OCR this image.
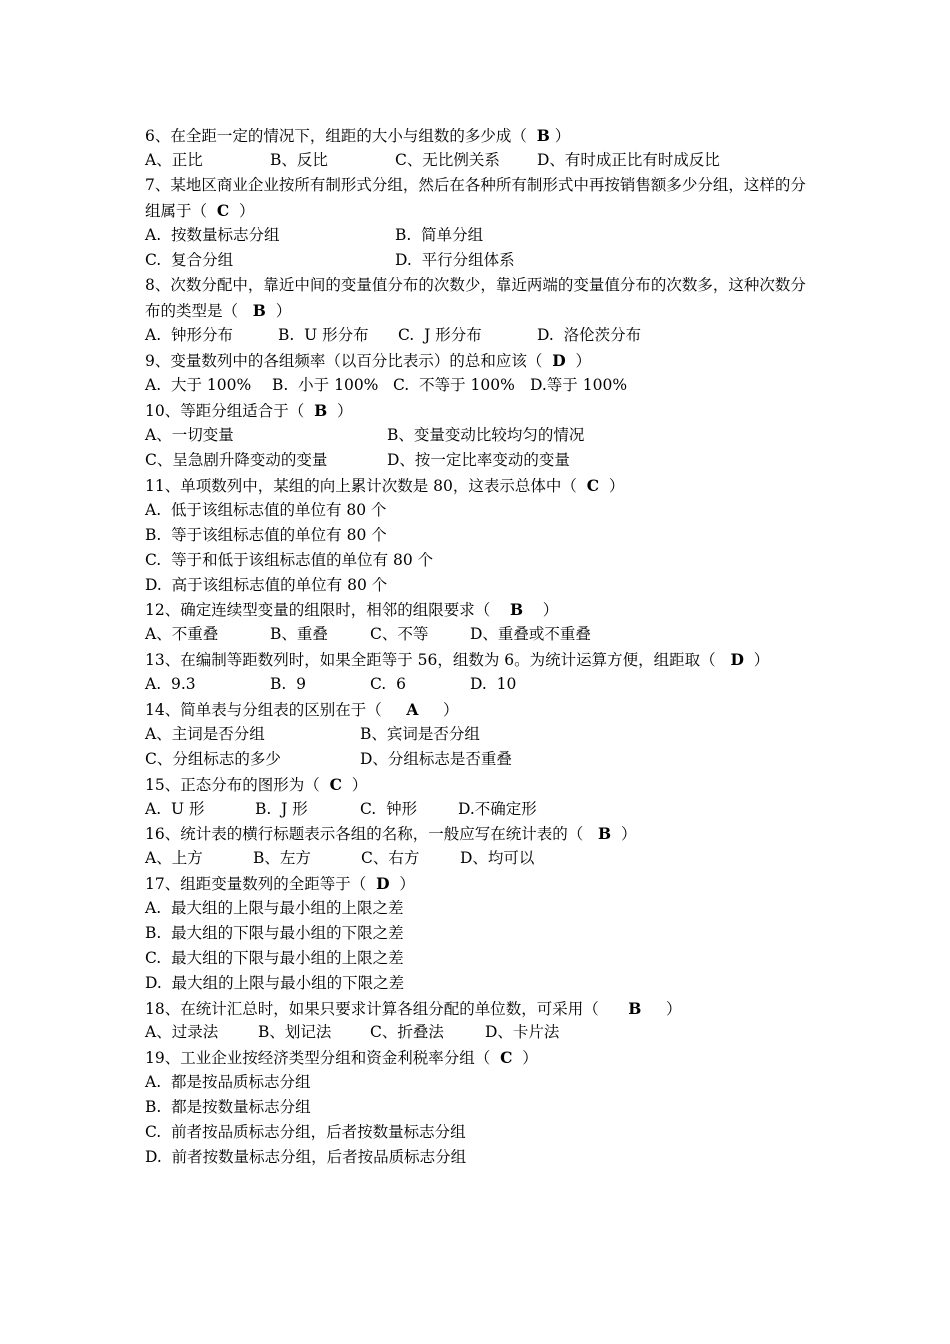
6、在全距一定的情况下，组距的大小与组数的多少成（  B ）
A、正比	B、反比	C、无比例关系 D、有时成正比有时成反比
7、某地区商业企业按所有制形式分组，然后在各种所有制形式中再按销售额多少分组，这样的分组属于（  C  ）
A.  按数量标志分组	B.  简单分组
C.  复合分组	D.  平行分组体系
8、次数分配中，靠近中间的变量值分布的次数少，靠近两端的变量值分布的次数多，这种次数分布的类型是（   B  ）
A.  钟形分布	B.  U 形分布 C.  J 形分布	D.  洛伦茨分布
9、变量数列中的各组频率（以百分比表示）的总和应该（  D  ）
A.  大于 100% B.  小于 100% C.  不等于 100% D.等于 100%
10、等距分组适合于（  B  ）
A、一切变量	B、变量变动比较均匀的情况
C、呈急剧升降变动的变量	D、按一定比率变动的变量
11、单项数列中，某组的向上累计次数是 80，这表示总体中（  C  ）
A.  低于该组标志值的单位有 80 个
B.  等于该组标志值的单位有 80 个
C.  等于和低于该组标志值的单位有 80 个
D.  高于该组标志值的单位有 80 个
12、确定连续型变量的组限时，相邻的组限要求（    B    ）
A、不重叠	B、重叠	C、不等	D、重叠或不重叠
13、在编制等距数列时，如果全距等于 56，组数为 6。为统计运算方便，组距取（   D  ）
A.  9.3	B.  9	C.  6	D.  10
14、简单表与分组表的区别在于（     A     ）
A、主词是否分组	B、宾词是否分组
C、分组标志的多少	D、分组标志是否重叠
15、正态分布的图形为（  C  ）
A.  U 形	B.  J 形	C.  钟形	D.不确定形
16、统计表的横行标题表示各组的名称，一般应写在统计表的（   B  ）
A、上方	B、左方	C、右方	D、均可以
17、组距变量数列的全距等于（  D  ）
A.  最大组的上限与最小组的上限之差
B.  最大组的下限与最小组的下限之差
C.  最大组的下限与最小组的上限之差
D.  最大组的上限与最小组的下限之差
18、在统计汇总时，如果只要求计算各组分配的单位数，可采用（      B     ）
A、过录法	B、划记法 C、折叠法	D、卡片法
19、工业企业按经济类型分组和资金利税率分组（  C  ）
A.  都是按品质标志分组
B.  都是按数量标志分组
C.  前者按品质标志分组，后者按数量标志分组
D.  前者按数量标志分组，后者按品质标志分组
